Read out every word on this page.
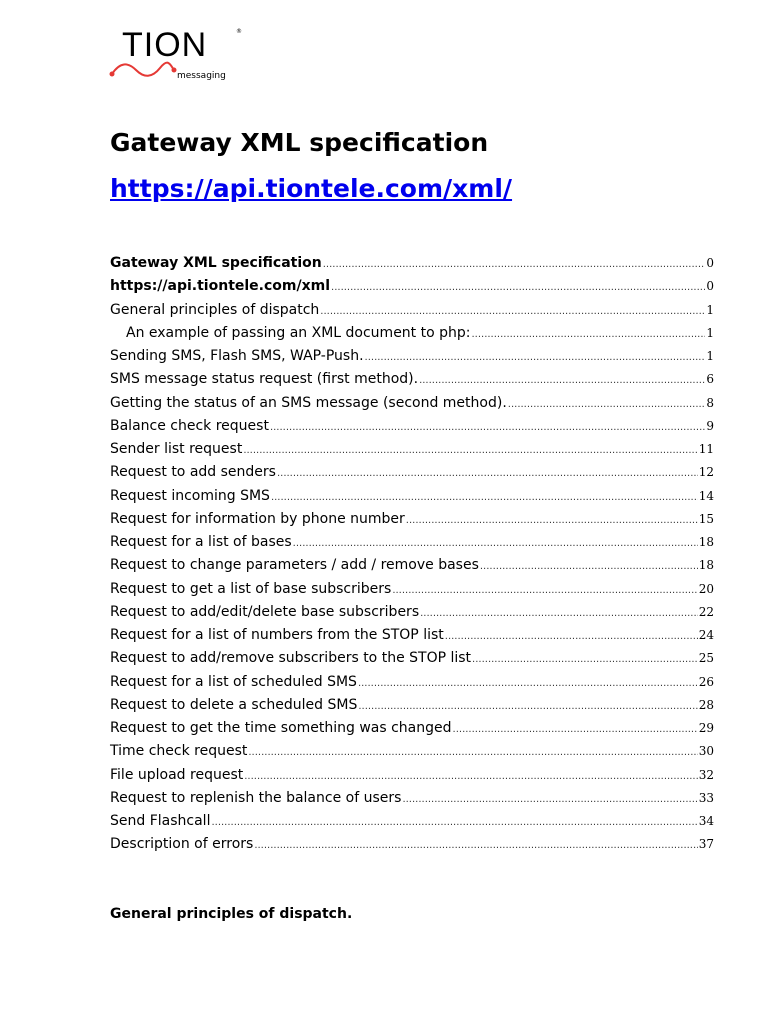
TION	®
messaging
Gateway XML specification
https://api.tiontele.com/xml/
Gateway XML specification .....	0
https://api.tiontele.com/xml .....	0
General principles of dispatch .....	1
An example of passing an XML document to php: .....	1
Sending SMS, Flash SMS, WAP-Push. .....	1
SMS message status request (first method). .....	6
Getting the status of an SMS message (second method). .....	8
Balance check request .....	9
Sender list request .....	11
Request to add senders .....	12
Request incoming SMS .....	14
Request for information by phone number .....	15
Request for a list of bases .....	18
Request to change parameters / add / remove bases .....	18
Request to get a list of base subscribers .....	20
Request to add/edit/delete base subscribers .....	22
Request for a list of numbers from the STOP list .....	24
Request to add/remove subscribers to the STOP list .....	25
Request for a list of scheduled SMS .....	26
Request to delete a scheduled SMS .....	28
Request to get the time something was changed .....	29
Time check request .....	30
File upload request .....	32
Request to replenish the balance of users .....	33
Send Flashcall .....	34
Description of errors .....	37
General principles of dispatch.
